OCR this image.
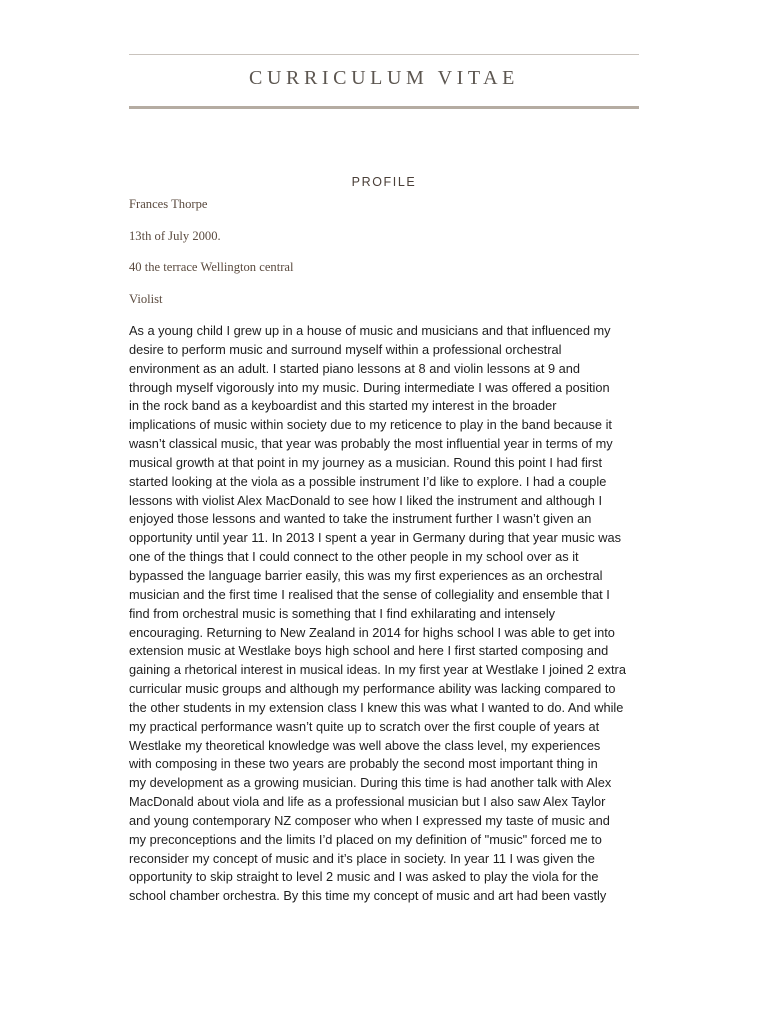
CURRICULUM VITAE
PROFILE
Frances Thorpe
13th of July 2000.
40 the terrace Wellington central
Violist
As a young child I grew up in a house of music and musicians and that influenced my
desire to perform music and surround myself within a professional orchestral
environment as an adult. I started piano lessons at 8 and violin lessons at 9 and
through myself vigorously into my music. During intermediate I was offered a position
in the rock band as a keyboardist and this started my interest in the broader
implications of music within society due to my reticence to play in the band because it
wasn’t classical music, that year was probably the most influential year in terms of my
musical growth at that point in my journey as a musician. Round this point I had first
started looking at the viola as a possible instrument I’d like to explore. I had a couple
lessons with violist Alex MacDonald to see how I liked the instrument and although I
enjoyed those lessons and wanted to take the instrument further I wasn’t given an
opportunity until year 11. In 2013 I spent a year in Germany during that year music was
one of the things that I could connect to the other people in my school over as it
bypassed the language barrier easily, this was my first experiences as an orchestral
musician and the first time I realised that the sense of collegiality and ensemble that I
find from orchestral music is something that I find exhilarating and intensely
encouraging. Returning to New Zealand in 2014 for highs school I was able to get into
extension music at Westlake boys high school and here I first started composing and
gaining a rhetorical interest in musical ideas. In my first year at Westlake I joined 2 extra
curricular music groups and although my performance ability was lacking compared to
the other students in my extension class I knew this was what I wanted to do. And while
my practical performance wasn’t quite up to scratch over the first couple of years at
Westlake my theoretical knowledge was well above the class level, my experiences
with composing in these two years are probably the second most important thing in
my development as a growing musician. During this time is had another talk with Alex
MacDonald about viola and life as a professional musician but I also saw Alex Taylor
and young contemporary NZ composer who when I expressed my taste of music and
my preconceptions and the limits I’d placed on my definition of "music" forced me to
reconsider my concept of music and it’s place in society. In year 11 I was given the
opportunity to skip straight to level 2 music and I was asked to play the viola for the
school chamber orchestra. By this time my concept of music and art had been vastly
